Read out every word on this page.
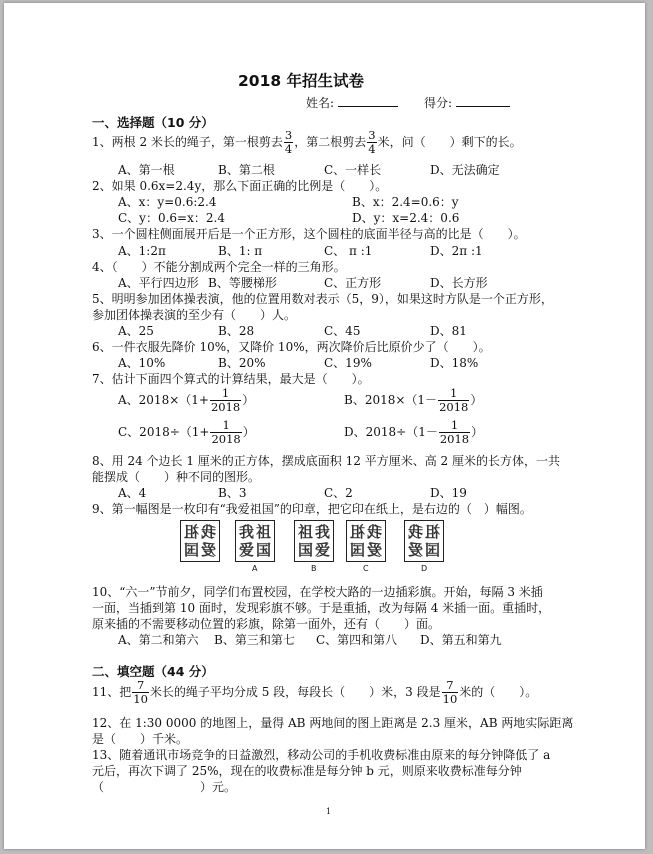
2018 年招生试卷
姓名:	得分:
一、选择题（10 分）
1、两根 2 米长的绳子，第一根剪去 $\frac{3}{4}$ ，第二根剪去 $\frac{3}{4}$ 米，问（　　）剩下的长。
A、第一根	B、第二根	C、一样长	D、无法确定
2、如果 0.6x=2.4y，那么下面正确的比例是（　　）。
A、x：y=0.6:2.4	B、x：2.4=0.6：y
C、y：0.6=x：2.4	D、y：x=2.4：0.6
3、一个圆柱侧面展开后是一个正方形，这个圆柱的底面半径与高的比是（　　）。
A、1:2π	B、1: π	C、 π :1	D、2π :1
4、（　　）不能分割成两个完全一样的三角形。
A、平行四边形 B、等腰梯形	C、正方形	D、长方形
5、明明参加团体操表演，他的位置用数对表示（5，9），如果这时方队是一个正方形，
参加团体操表演的至少有（　　）人。
A、25	B、28	C、45	D、81
6、一件衣服先降价 10%，又降价 10%，两次降价后比原价少了（　　）。
A、10%	B、20%	C、19%	D、18%
7、估计下面四个算式的计算结果，最大是（　　）。
A、$2018\times(1+ \frac{1}{2018}$ ）	B、$2018\times(1- \frac{1}{2018}$ ）
C、$2018\div(1+ \frac{1}{2018}$ ）	D、$2018\div(1- \frac{1}{2018}$ ）
8、用 24 个边长 1 厘米的正方体，摆成底面积 12 平方厘米、高 2 厘米的长方体，一共
能摆成（　　）种不同的图形。
A、4	B、3	C、2	D、19
9、第一幅图是一枚印有“我爱祖国”的印章，把它印在纸上，是右边的（　）幅图。
10、“六一”节前夕，同学们布置校园，在学校大路的一边插彩旗。开始，每隔 3 米插
一面，当插到第 10 面时，发现彩旗不够。于是重插，改为每隔 4 米插一面。重插时，
原来插的不需要移动位置的彩旗，除第一面外，还有（　　）面。
A、第二和第六 B、第三和第七 C、第四和第八 D、第五和第九
二、填空题（44 分）
11、把 $\frac{7}{10}$ 米长的绳子平均分成 5 段，每段长（　　）米，3 段是 $\frac{7}{10}$ 米的（　　）。
12、在 1:30 0000 的地图上，量得 AB 两地间的图上距离是 2.3 厘米，AB 两地实际距离
是（　　）千米。
13、随着通讯市场竞争的日益激烈，移动公司的手机收费标准由原来的每分钟降低了 a
元后，再次下调了 25%，现在的收费标准是每分钟 b 元，则原来收费标准每分钟
（　　　　　　　　）元。
1
祖 我
国 爱
我 祖
爱 国
A
祖 我
国 爱
B
祖 我
国 爱
C
我 祖
爱 国
D
